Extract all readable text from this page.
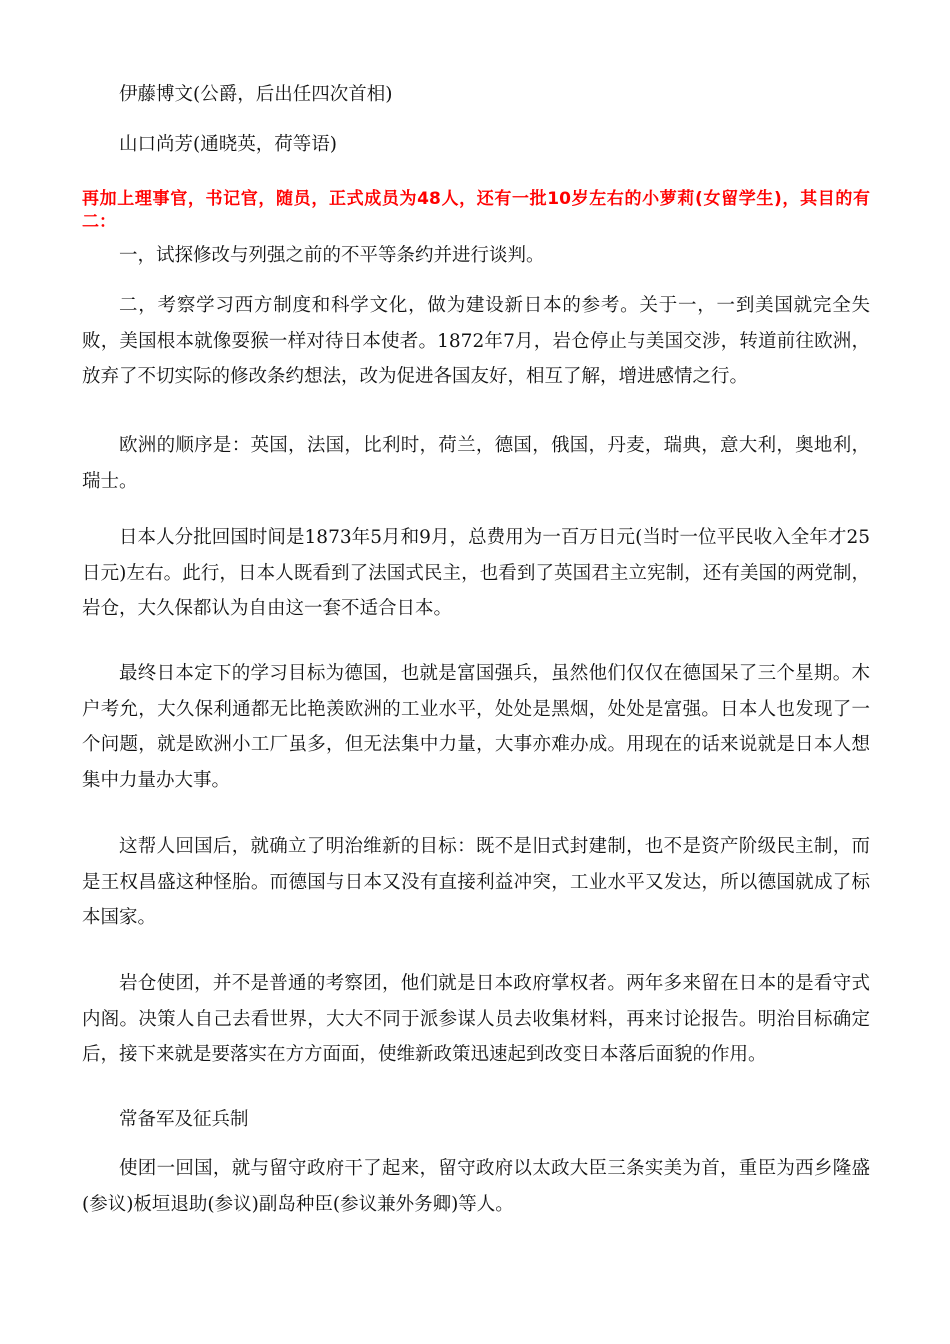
伊藤博文(公爵，后出任四次首相)

山口尚芳(通晓英，荷等语)

再加上理事官，书记官，随员，正式成员为48人，还有一批10岁左右的小萝莉(女留学生)，其目的有二：

一，试探修改与列强之前的不平等条约并进行谈判。

二，考察学习西方制度和科学文化，做为建设新日本的参考。关于一，一到美国就完全失败，美国根本就像耍猴一样对待日本使者。1872年7月，岩仓停止与美国交涉，转道前往欧洲，放弃了不切实际的修改条约想法，改为促进各国友好，相互了解，增进感情之行。

欧洲的顺序是：英国，法国，比利时，荷兰，德国，俄国，丹麦，瑞典，意大利，奥地利，瑞士。

日本人分批回国时间是1873年5月和9月，总费用为一百万日元(当时一位平民收入全年才25日元)左右。此行，日本人既看到了法国式民主，也看到了英国君主立宪制，还有美国的两党制，岩仓，大久保都认为自由这一套不适合日本。

最终日本定下的学习目标为德国，也就是富国强兵，虽然他们仅仅在德国呆了三个星期。木户考允，大久保利通都无比艳羡欧洲的工业水平，处处是黑烟，处处是富强。日本人也发现了一个问题，就是欧洲小工厂虽多，但无法集中力量，大事亦难办成。用现在的话来说就是日本人想集中力量办大事。

这帮人回国后，就确立了明治维新的目标：既不是旧式封建制，也不是资产阶级民主制，而是王权昌盛这种怪胎。而德国与日本又没有直接利益冲突，工业水平又发达，所以德国就成了标本国家。

岩仓使团，并不是普通的考察团，他们就是日本政府掌权者。两年多来留在日本的是看守式内阁。决策人自己去看世界，大大不同于派参谋人员去收集材料，再来讨论报告。明治目标确定后，接下来就是要落实在方方面面，使维新政策迅速起到改变日本落后面貌的作用。

常备军及征兵制

使团一回国，就与留守政府干了起来，留守政府以太政大臣三条实美为首，重臣为西乡隆盛(参议)板垣退助(参议)副岛种臣(参议兼外务卿)等人。
